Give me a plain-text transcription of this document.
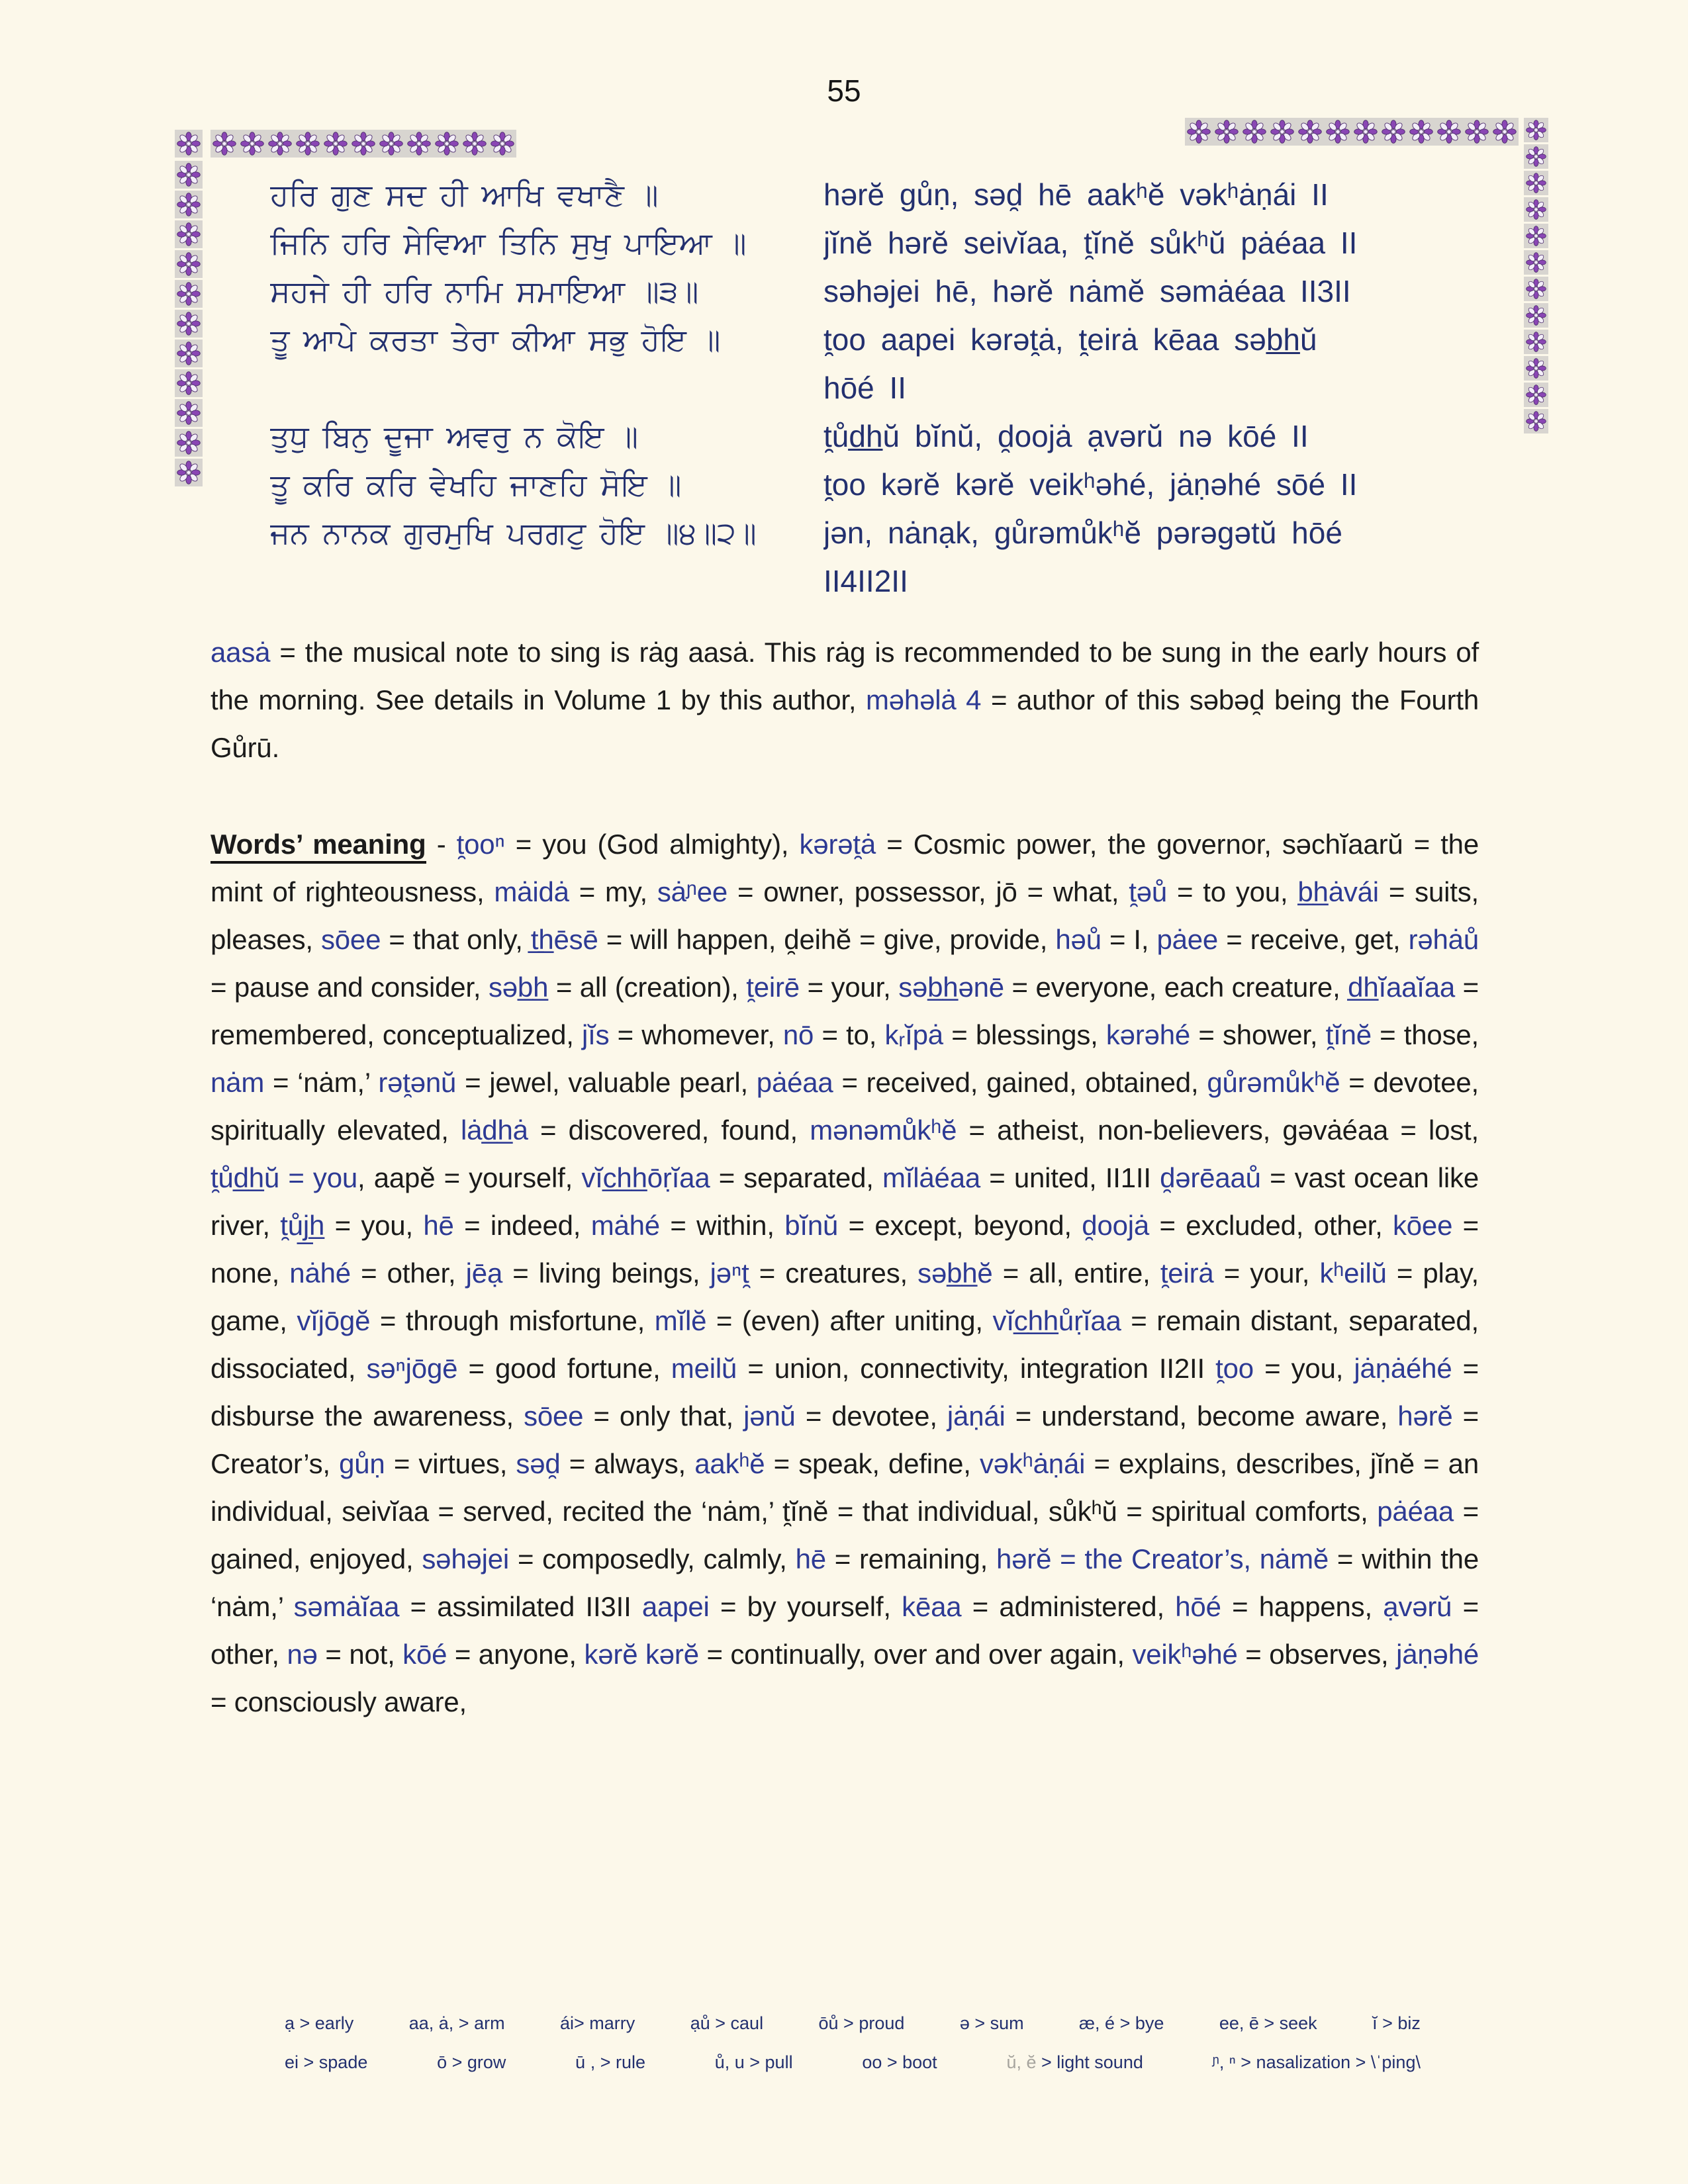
55
ਹਰਿ ਗੁਣ ਸਦ ਹੀ ਆਖਿ ਵਖਾਣੈ ॥	hərĕ gůṇ, səd̯ hē aakʰĕ vəkʰȧṇái II
ਜਿਨਿ ਹਰਿ ਸੇਵਿਆ ਤਿਨਿ ਸੁਖੁ ਪਾਇਆ ॥	jĭnĕ hərĕ seivĭaa, t̯ĭnĕ sůkʰŭ pȧéaa II
ਸਹਜੇ ਹੀ ਹਰਿ ਨਾਮਿ ਸਮਾਇਆ ॥੩॥	səhəjei hē, hərĕ nȧmĕ səmȧéaa II3II
ਤੂ ਆਪੇ ਕਰਤਾ ਤੇਰਾ ਕੀਆ ਸਭੁ ਹੋਇ ॥	t̯oo aapei kərət̯ȧ, t̯eirȧ kēaa səb̲h̲ŭ
hōé II
ਤੁਧੁ ਬਿਨੁ ਦੂਜਾ ਅਵਰੁ ਨ ਕੋਇ ॥	t̯ůd̲h̲ŭ bĭnŭ, d̯oojȧ ạvərŭ nə kōé II
ਤੂ ਕਰਿ ਕਰਿ ਵੇਖਹਿ ਜਾਣਹਿ ਸੋਇ ॥	t̯oo kərĕ kərĕ veikʰəhé, jȧṇəhé sōé II
ਜਨ ਨਾਨਕ ਗੁਰਮੁਖਿ ਪਰਗਟੁ ਹੋਇ ॥੪॥੨॥	jən, nȧnạk, gůrəmůkʰĕ pərəgətŭ hōé
II4II2II
aasȧ = the musical note to sing is rȧg aasȧ. This rȧg is recommended to be sung in the early hours of the morning. See details in Volume 1 by this author, məhəlȧ 4 = author of this səbəd̯ being the Fourth Gůrū.
Words’ meaning - t̯ooⁿ = you (God almighty), kərət̯ȧ = Cosmic power, the governor, səchĭaarŭ = the mint of righteousness, mȧidȧ = my, sȧᶮee = owner, possessor, jō = what, t̯əů = to you, b̲h̲ȧvái = suits, pleases, sōee = that only, t̲h̲ēsē = will happen, d̯eihĕ = give, provide, həů = I, pȧee = receive, get, rəhȧů = pause and consider, səb̲h̲ = all (creation), t̯eirē = your, səb̲h̲ənē = everyone, each creature, d̲h̲ĭaaĭaa = remembered, conceptualized, jĭs = whomever, nō = to, kᵣĭpȧ = blessings, kərəhé = shower, t̯ĭnĕ = those, nȧm = ‘nȧm,’ rət̯ənŭ = jewel, valuable pearl, pȧéaa = received, gained, obtained, gůrəmůkʰĕ = devotee, spiritually elevated, lȧd̲h̲ȧ = discovered, found, mənəmůkʰĕ = atheist, non-believers, gəvȧéaa = lost, t̯ůd̲h̲ŭ = you, aapĕ = yourself, vĭc̲h̲h̲ōṛĭaa = separated, mĭlȧéaa = united, II1II d̯ərēaaů = vast ocean like river, t̯ůj̲h̲ = you, hē = indeed, mȧhé = within, bĭnŭ = except, beyond, d̯oojȧ = excluded, other, kōee = none, nȧhé = other, jēạ = living beings, jəⁿt̯ = creatures, səb̲h̲ĕ = all, entire, t̯eirȧ = your, kʰeilŭ = play, game, vĭjōgĕ = through misfortune, mĭlĕ = (even) after uniting, vĭc̲h̲h̲ůṛĭaa = remain distant, separated, dissociated, səⁿjōgē = good fortune, meilŭ = union, connectivity, integration II2II t̯oo = you, jȧṇȧéhé = disburse the awareness, sōee = only that, jənŭ = devotee, jȧṇái = understand, become aware, hərĕ = Creator’s, gůṇ = virtues, səd̯ = always, aakʰĕ = speak, define, vəkʰȧṇái = explains, describes, jĭnĕ = an individual, seivĭaa = served, recited the ‘nȧm,’ t̯ĭnĕ = that individual, sůkʰŭ = spiritual comforts, pȧéaa = gained, enjoyed, səhəjei = composedly, calmly, hē = remaining, hərĕ = the Creator’s, nȧmĕ = within the ‘nȧm,’ səmȧĭaa = assimilated II3II aapei = by yourself, kēaa = administered, hōé = happens, ạvərŭ = other, nə = not, kōé = anyone, kərĕ kərĕ = continually, over and over again, veikʰəhé = observes, jȧṇəhé = consciously aware,
ạ > early	aa, ȧ, > arm	ái> marry	ạů > caul	ōů > proud	ə > sum	æ, é > bye	ee, ē > seek	ĭ > biz
ei > spade	ō > grow	ū , > rule	ů, u > pull	oo > boot	ŭ, ĕ > light sound	ᶮ, ⁿ > nasalization > \ˈping\
